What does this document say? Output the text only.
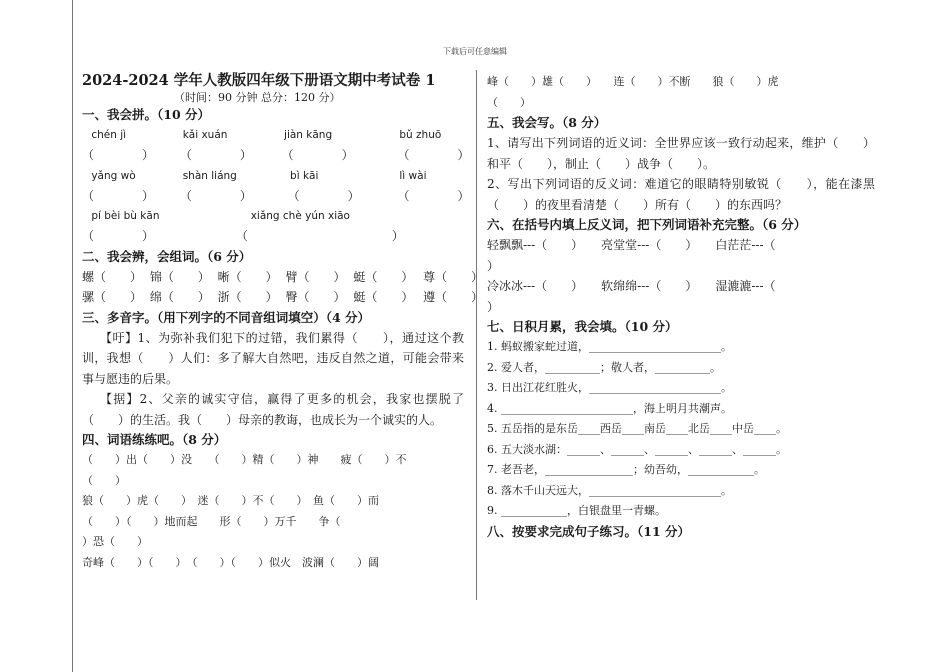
下载后可任意编辑
2024-2024 学年人教版四年级下册语文期中考试卷 1
（时间：90 分钟 总分：120 分）
一、我会拼。（10 分）
chén jì	kǎi xuán	jiàn kāng	bǔ zhuō
（　　　　） （　　　　） （　　　　）	（　　　　）
yǎng wò	shàn liáng	bì kāi	lì wài
（　　　　） （　　　　）	（　　　　）	（　　　　）
pí bèi bù kān	xiǎng chè yún xiāo
（　　　　）	（　　　　　　　　　　　　）
二、我会辨，会组词。（6 分）
螺（　　） 锦（　　） 晰（　　） 臂（　　） 蜓（　　） 尊（　　）
骡（　　） 绵（　　） 浙（　　） 臀（　　） 蜓（　　） 遵（　　）
三、多音字。（用下列字的不同音组词填空）（4 分）
【吁】1、为弥补我们犯下的过错，我们累得（　　），通过这个教训，我想（　　）人们：多了解大自然吧，违反自然之道，可能会带来事与愿违的后果。
【据】2、父亲的诚实守信，赢得了更多的机会，我家也摆脱了（　　）的生活。我（　　）母亲的教诲，也成长为一个诚实的人。
四、词语练练吧。（8 分）
（　　）出（　　）没　　（　　）精（　　）神　　疲（　　）不
（　　）
狼（　　）虎（　　）　迷（　　）不（　　）　鱼（　　）而
（　　）（　　）地而起　　形（　　）万千　　争（
）恐（　　）
奇峰（　　）（　　）　（　　）（　　）似火　波澜（　　）阔
峰（　　）雄（　　）　　连（　　）不断　　狼（　　）虎
（　　）
五、我会写。（8 分）
1、请写出下列词语的近义词：全世界应该一致行动起来，维护（　　）和平（　　），制止（　　）战争（　　）。
2、写出下列词语的反义词：难道它的眼睛特别敏锐（　　），能在漆黑（　　）的夜里看清楚（　　）所有（　　）的东西吗？
六、在括号内填上反义词，把下列词语补充完整。（6 分）
轻飘飘---（　　）　　亮堂堂---（　　）　　白茫茫---（
）
冷冰冰---（　　）　　软绵绵---（　　）　　湿漉漉---（
）
七、日积月累，我会填。（10 分）
1. 蚂蚁搬家蛇过道，________________________。
2. 爱人者，__________；敬人者，__________。
3. 日出江花红胜火，________________________。
4. ________________________，海上明月共潮声。
5. 五岳指的是东岳____西岳____南岳____北岳____中岳____。
6. 五大淡水湖：______、______、______、______、______。
7. 老吾老，________________；幼吾幼，____________。
8. 落木千山天远大，________________________。
9. ____________，白银盘里一青螺。
八、按要求完成句子练习。（11 分）
